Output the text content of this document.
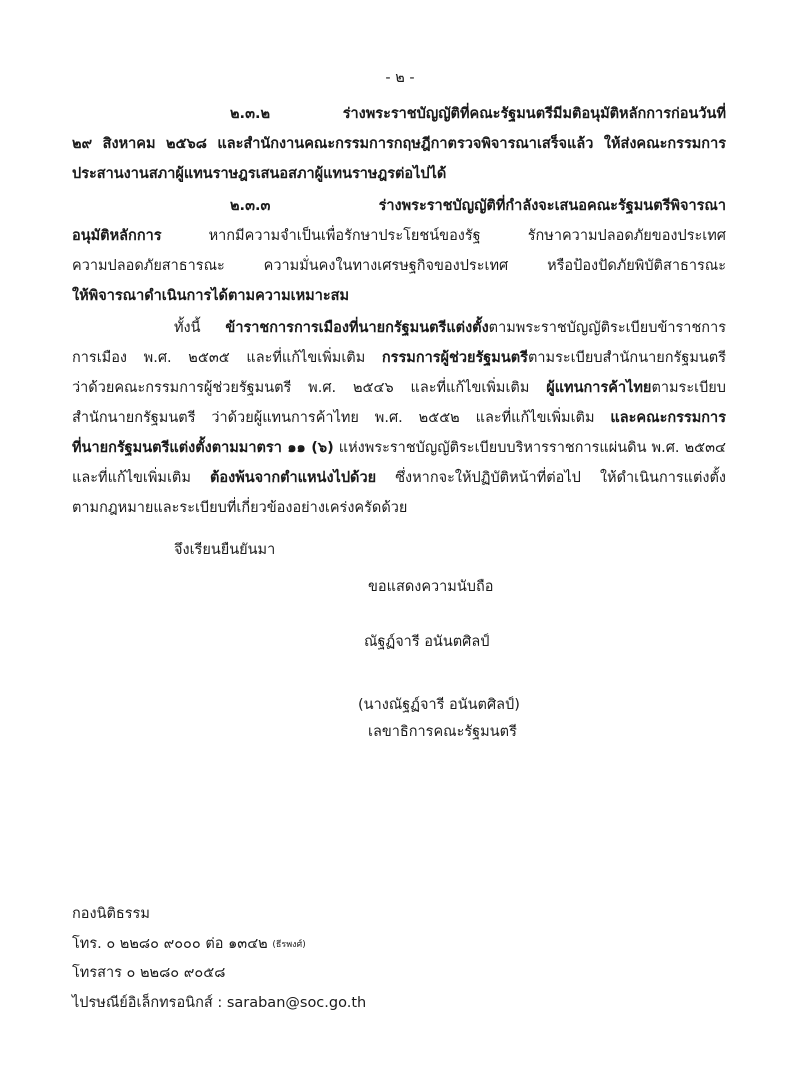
- ๒ -
๒.๓.๒ ร่างพระราชบัญญัติที่คณะรัฐมนตรีมีมติอนุมัติหลักการก่อนวันที่
๒๙ สิงหาคม ๒๕๖๘ และสำนักงานคณะกรรมการกฤษฎีกาตรวจพิจารณาเสร็จแล้ว ให้ส่งคณะกรรมการ
ประสานงานสภาผู้แทนราษฎรเสนอสภาผู้แทนราษฎรต่อไปได้
๒.๓.๓ ร่างพระราชบัญญัติที่กำลังจะเสนอคณะรัฐมนตรีพิจารณา
อนุมัติหลักการ หากมีความจำเป็นเพื่อรักษาประโยชน์ของรัฐ รักษาความปลอดภัยของประเทศ
ความปลอดภัยสาธารณะ ความมั่นคงในทางเศรษฐกิจของประเทศ หรือป้องปัดภัยพิบัติสาธารณะ
ให้พิจารณาดำเนินการได้ตามความเหมาะสม
ทั้งนี้ ข้าราชการการเมืองที่นายกรัฐมนตรีแต่งตั้งตามพระราชบัญญัติระเบียบข้าราชการ
การเมือง พ.ศ. ๒๕๓๕ และที่แก้ไขเพิ่มเติม กรรมการผู้ช่วยรัฐมนตรีตามระเบียบสำนักนายกรัฐมนตรี
ว่าด้วยคณะกรรมการผู้ช่วยรัฐมนตรี พ.ศ. ๒๕๔๖ และที่แก้ไขเพิ่มเติม ผู้แทนการค้าไทยตามระเบียบ
สำนักนายกรัฐมนตรี ว่าด้วยผู้แทนการค้าไทย พ.ศ. ๒๕๕๒ และที่แก้ไขเพิ่มเติม และคณะกรรมการ
ที่นายกรัฐมนตรีแต่งตั้งตามมาตรา ๑๑ (๖) แห่งพระราชบัญญัติระเบียบบริหารราชการแผ่นดิน พ.ศ. ๒๕๓๔
และที่แก้ไขเพิ่มเติม ต้องพ้นจากตำแหน่งไปด้วย ซึ่งหากจะให้ปฏิบัติหน้าที่ต่อไป ให้ดำเนินการแต่งตั้ง
ตามกฎหมายและระเบียบที่เกี่ยวข้องอย่างเคร่งครัดด้วย
จึงเรียนยืนยันมา
ขอแสดงความนับถือ
ณัฐฏ์จารี อนันตศิลป์
(นางณัฐฏ์จารี อนันตศิลป์)
เลขาธิการคณะรัฐมนตรี
กองนิติธรรม
โทร. ๐ ๒๒๘๐ ๙๐๐๐ ต่อ ๑๓๔๒ (ธีรพงศ์)
โทรสาร ๐ ๒๒๘๐ ๙๐๕๘
ไปรษณีย์อิเล็กทรอนิกส์ : saraban@soc.go.th
